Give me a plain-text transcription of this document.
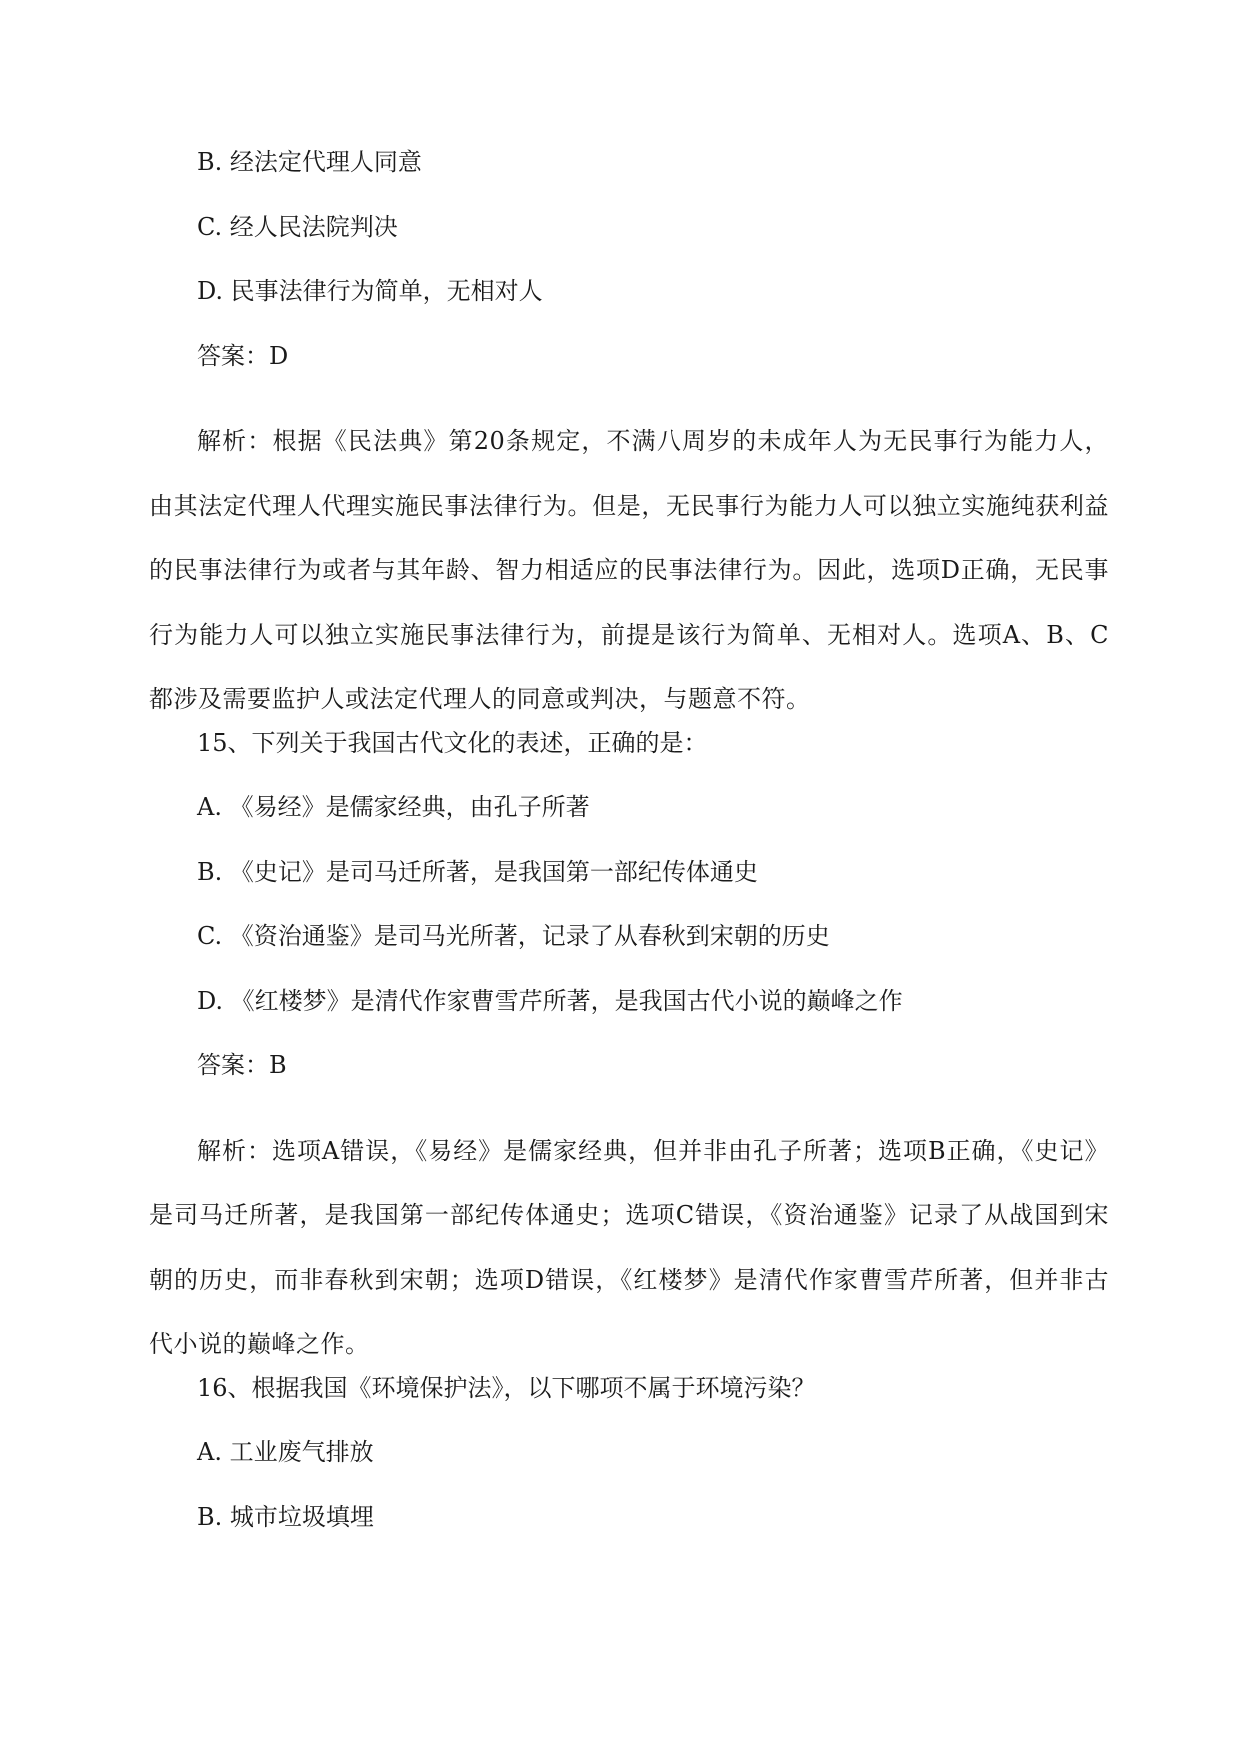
B. 经法定代理人同意
C. 经人民法院判决
D. 民事法律行为简单，无相对人
答案：D

解析：根据《民法典》第20条规定，不满八周岁的未成年人为无民事行为能力人，由其法定代理人代理实施民事法律行为。但是，无民事行为能力人可以独立实施纯获利益的民事法律行为或者与其年龄、智力相适应的民事法律行为。因此，选项D正确，无民事行为能力人可以独立实施民事法律行为，前提是该行为简单、无相对人。选项A、B、C都涉及需要监护人或法定代理人的同意或判决，与题意不符。

15、下列关于我国古代文化的表述，正确的是：
A. 《易经》是儒家经典，由孔子所著
B. 《史记》是司马迁所著，是我国第一部纪传体通史
C. 《资治通鉴》是司马光所著，记录了从春秋到宋朝的历史
D. 《红楼梦》是清代作家曹雪芹所著，是我国古代小说的巅峰之作
答案：B

解析：选项A错误，《易经》是儒家经典，但并非由孔子所著；选项B正确，《史记》是司马迁所著，是我国第一部纪传体通史；选项C错误，《资治通鉴》记录了从战国到宋朝的历史，而非春秋到宋朝；选项D错误，《红楼梦》是清代作家曹雪芹所著，但并非古代小说的巅峰之作。

16、根据我国《环境保护法》，以下哪项不属于环境污染？
A. 工业废气排放
B. 城市垃圾填埋
